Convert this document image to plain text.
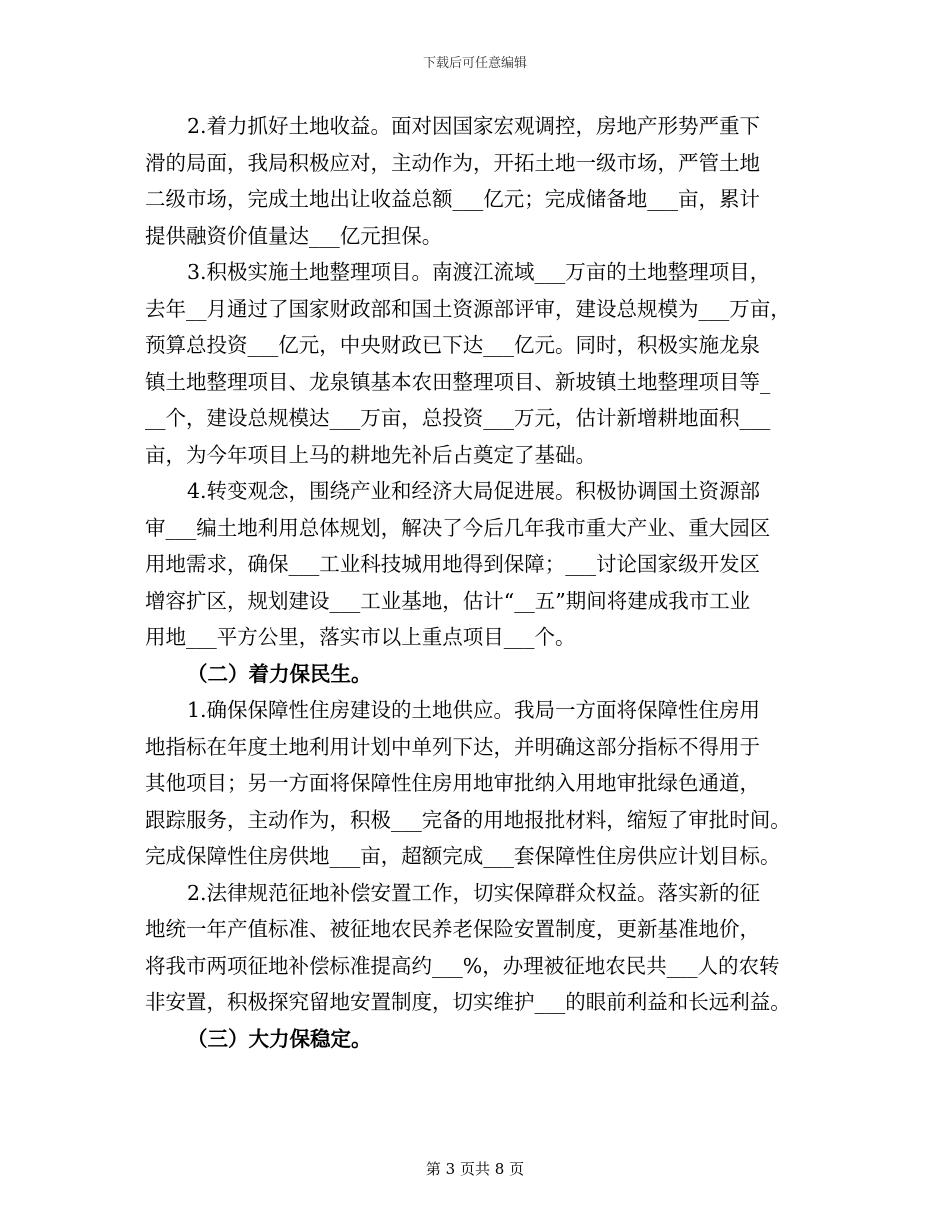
下载后可任意编辑
2.着力抓好土地收益。面对因国家宏观调控，房地产形势严重下
滑的局面，我局积极应对，主动作为，开拓土地一级市场，严管土地
二级市场，完成土地出让收益总额___亿元；完成储备地___亩，累计
提供融资价值量达___亿元担保。
3.积极实施土地整理项目。南渡江流域___万亩的土地整理项目，
去年__月通过了国家财政部和国土资源部评审，建设总规模为___万亩，
预算总投资___亿元，中央财政已下达___亿元。同时，积极实施龙泉
镇土地整理项目、龙泉镇基本农田整理项目、新坡镇土地整理项目等_
__个，建设总规模达___万亩，总投资___万元，估计新增耕地面积___
亩，为今年项目上马的耕地先补后占奠定了基础。
4.转变观念，围绕产业和经济大局促进展。积极协调国土资源部
审___编土地利用总体规划，解决了今后几年我市重大产业、重大园区
用地需求，确保___工业科技城用地得到保障；___讨论国家级开发区
增容扩区，规划建设___工业基地，估计“__五”期间将建成我市工业
用地___平方公里，落实市以上重点项目___个。
（二）着力保民生。
1.确保保障性住房建设的土地供应。我局一方面将保障性住房用
地指标在年度土地利用计划中单列下达，并明确这部分指标不得用于
其他项目；另一方面将保障性住房用地审批纳入用地审批绿色通道，
跟踪服务，主动作为，积极___完备的用地报批材料，缩短了审批时间。
完成保障性住房供地___亩，超额完成___套保障性住房供应计划目标。
2.法律规范征地补偿安置工作，切实保障群众权益。落实新的征
地统一年产值标准、被征地农民养老保险安置制度，更新基准地价，
将我市两项征地补偿标准提高约___%，办理被征地农民共___人的农转
非安置，积极探究留地安置制度，切实维护___的眼前利益和长远利益。
（三）大力保稳定。
第 3 页共 8 页
